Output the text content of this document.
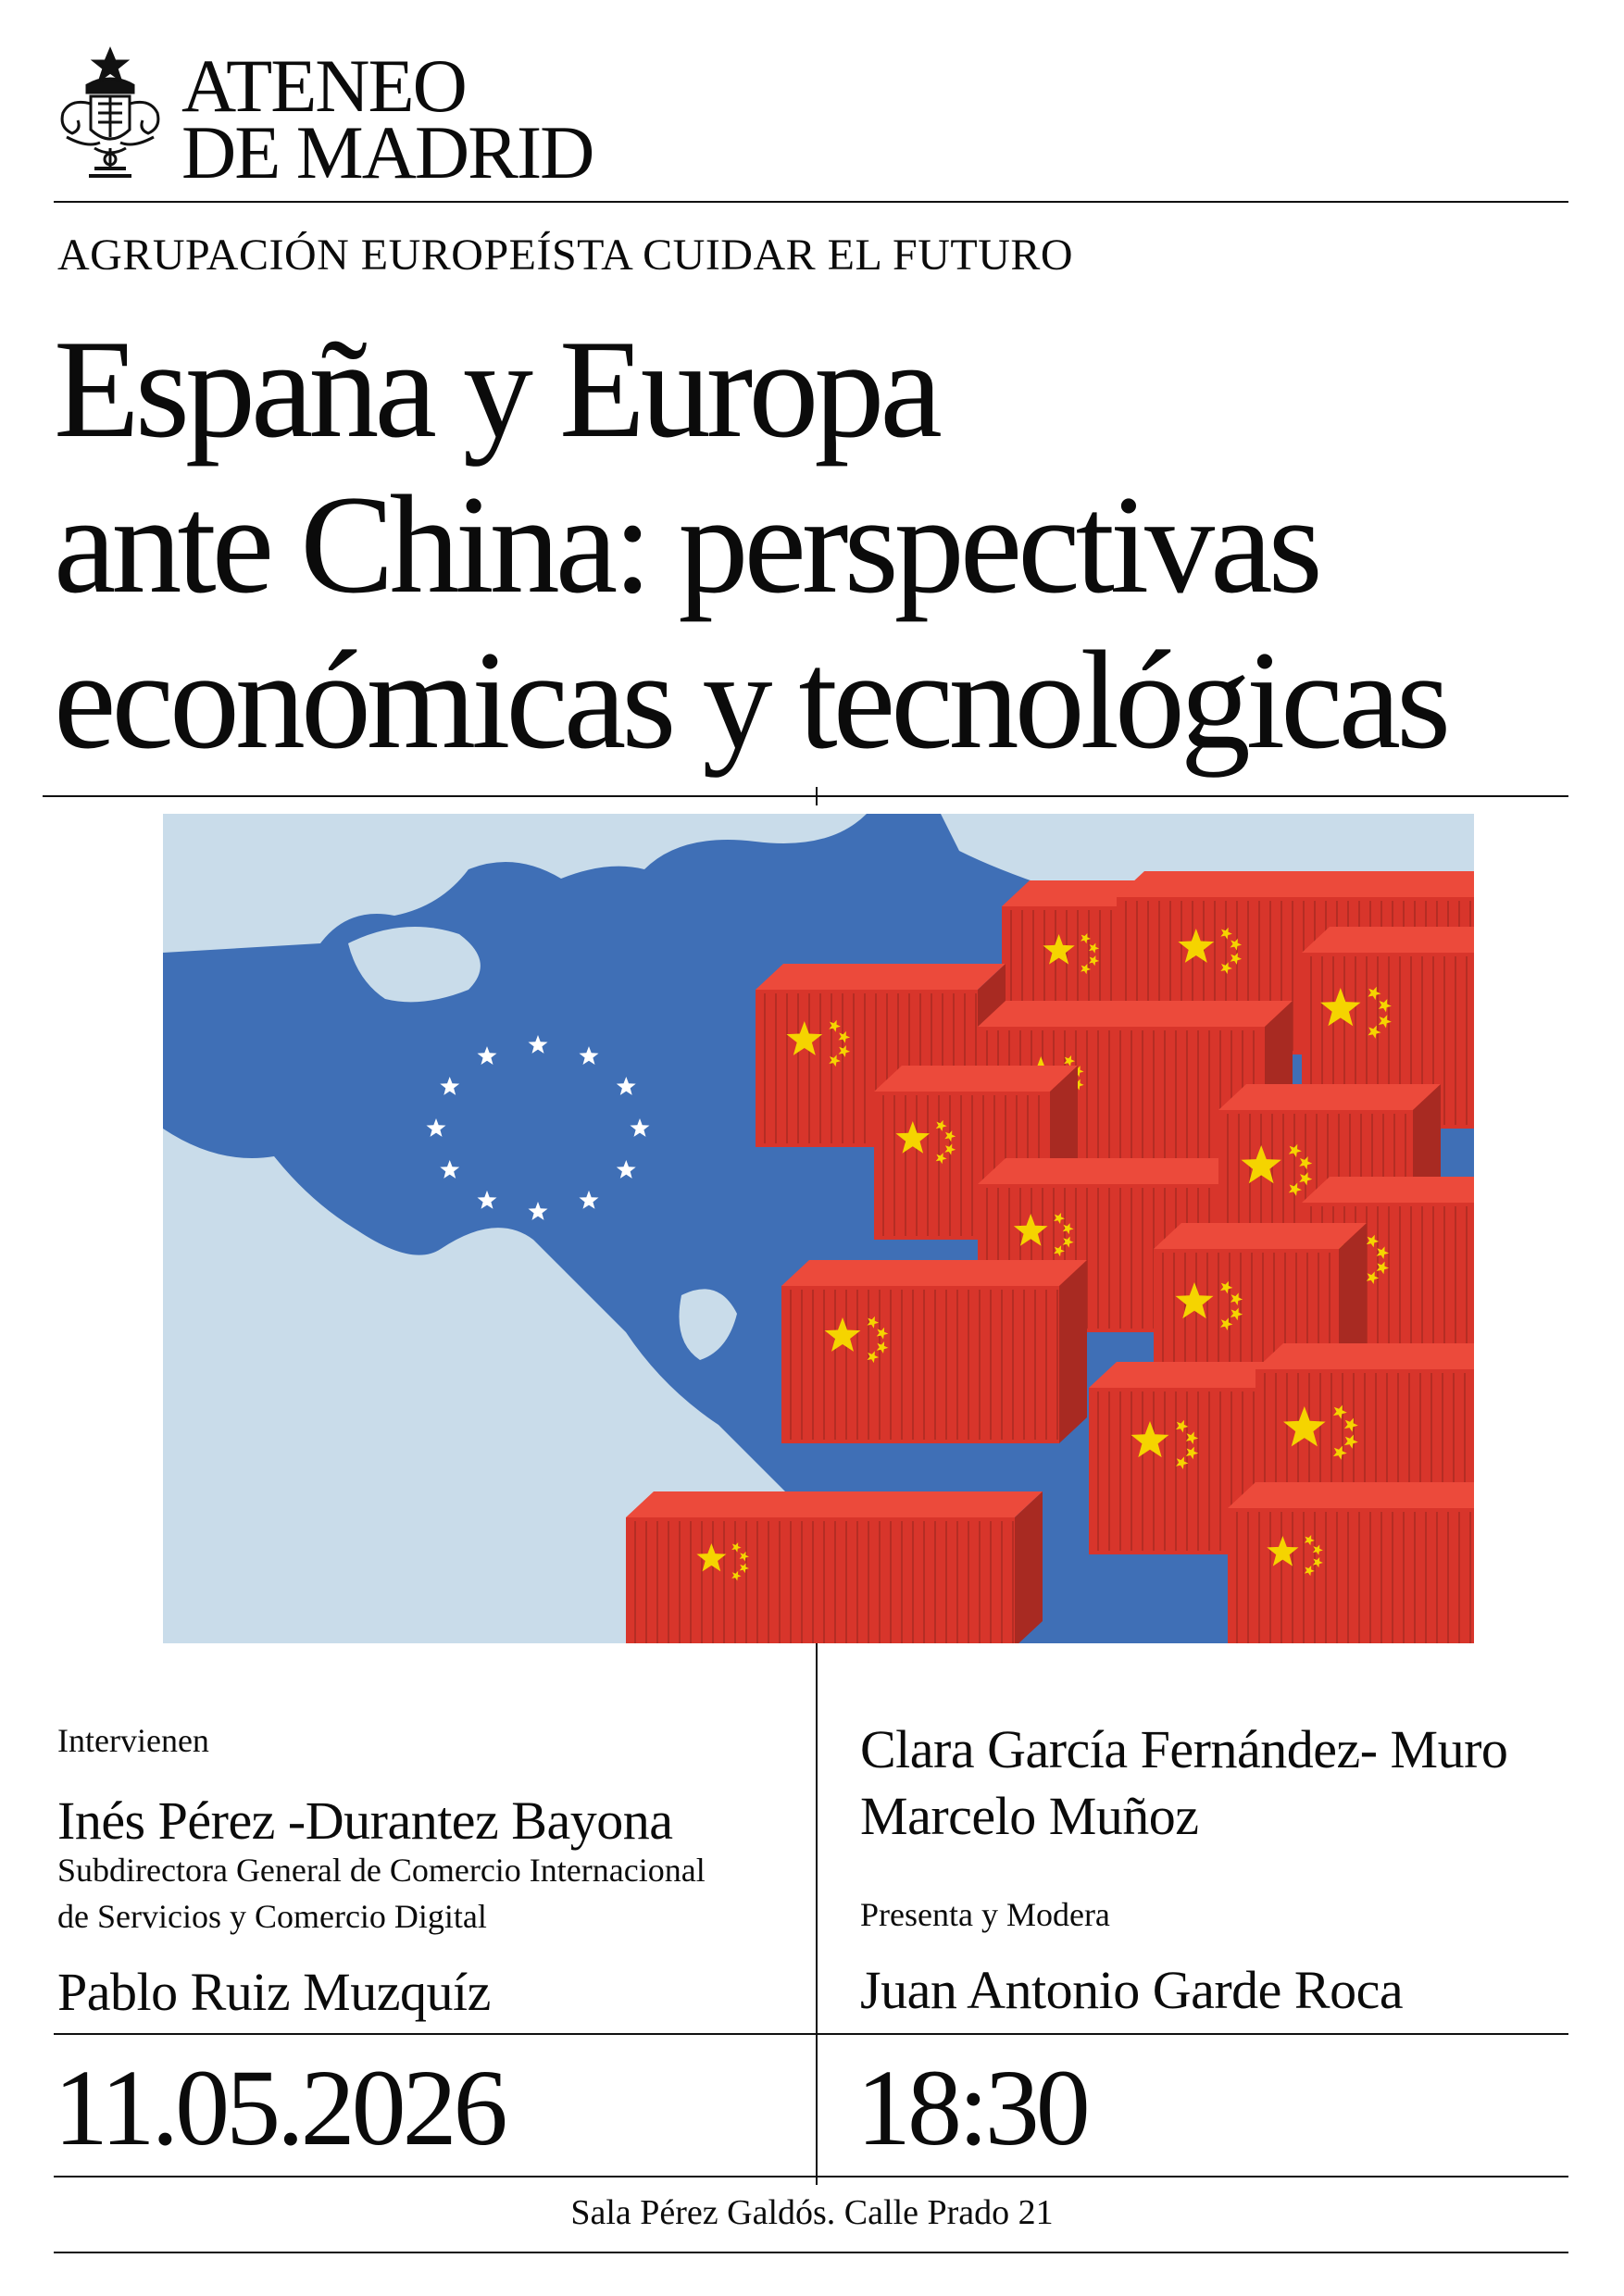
ATENEO
DE MADRID
AGRUPACIÓN EUROPEÍSTA CUIDAR EL FUTURO
España y Europa
ante China: perspectivas
económicas y tecnológicas
Intervienen
Inés Pérez -Durantez Bayona
Subdirectora General de Comercio Internacional
de Servicios y Comercio Digital
Pablo Ruiz Muzquíz
Clara García Fernández- Muro
Marcelo Muñoz
Presenta y Modera
Juan Antonio Garde Roca
11.05.2026	18:30
Sala Pérez Galdós. Calle Prado 21
